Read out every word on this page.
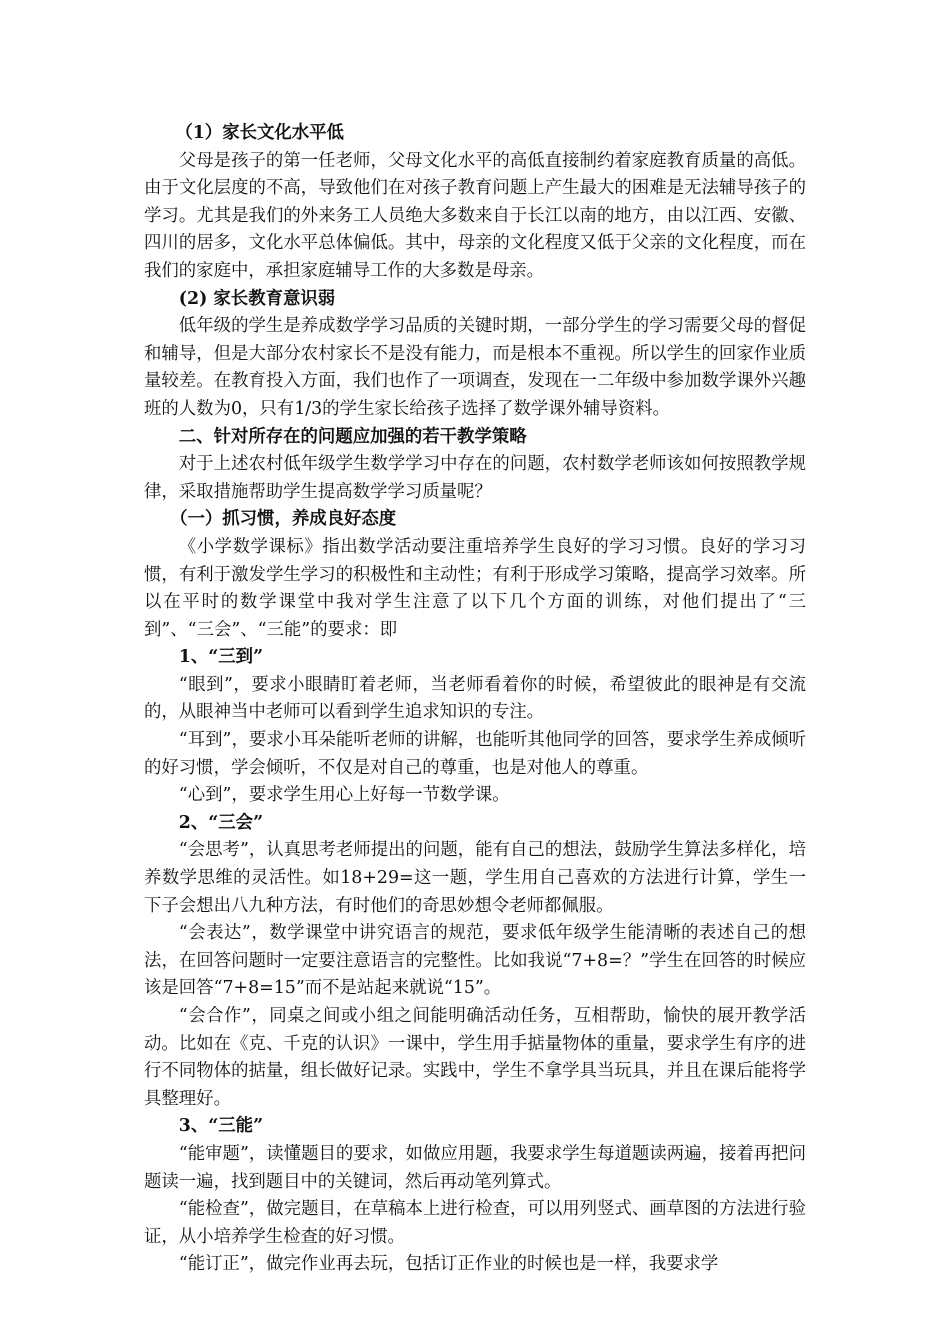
（1）家长文化水平低

父母是孩子的第一任老师，父母文化水平的高低直接制约着家庭教育质量的高低。由于文化层度的不高，导致他们在对孩子教育问题上产生最大的困难是无法辅导孩子的学习。尤其是我们的外来务工人员绝大多数来自于长江以南的地方，由以江西、安徽、四川的居多，文化水平总体偏低。其中，母亲的文化程度又低于父亲的文化程度，而在我们的家庭中，承担家庭辅导工作的大多数是母亲。

(2) 家长教育意识弱

低年级的学生是养成数学学习品质的关键时期，一部分学生的学习需要父母的督促和辅导，但是大部分农村家长不是没有能力，而是根本不重视。所以学生的回家作业质量较差。在教育投入方面，我们也作了一项调查，发现在一二年级中参加数学课外兴趣班的人数为0，只有1/3的学生家长给孩子选择了数学课外辅导资料。

二、针对所存在的问题应加强的若干教学策略

对于上述农村低年级学生数学学习中存在的问题，农村数学老师该如何按照教学规律，采取措施帮助学生提高数学学习质量呢？

（一）抓习惯，养成良好态度

《小学数学课标》指出数学活动要注重培养学生良好的学习习惯。良好的学习习惯，有利于激发学生学习的积极性和主动性；有利于形成学习策略，提高学习效率。所以在平时的数学课堂中我对学生注意了以下几个方面的训练，对他们提出了“三到”、“三会”、“三能”的要求：即

1、“三到”

“眼到”，要求小眼睛盯着老师，当老师看着你的时候，希望彼此的眼神是有交流的，从眼神当中老师可以看到学生追求知识的专注。

“耳到”，要求小耳朵能听老师的讲解，也能听其他同学的回答，要求学生养成倾听的好习惯，学会倾听，不仅是对自己的尊重，也是对他人的尊重。

“心到”，要求学生用心上好每一节数学课。

2、“三会”

“会思考”，认真思考老师提出的问题，能有自己的想法，鼓励学生算法多样化，培养数学思维的灵活性。如18+29=这一题，学生用自己喜欢的方法进行计算，学生一下子会想出八九种方法，有时他们的奇思妙想令老师都佩服。

“会表达”，数学课堂中讲究语言的规范，要求低年级学生能清晰的表述自己的想法，在回答问题时一定要注意语言的完整性。比如我说“7+8=？”学生在回答的时候应该是回答“7+8=15”而不是站起来就说“15”。

“会合作”，同桌之间或小组之间能明确活动任务，互相帮助，愉快的展开教学活动。比如在《克、千克的认识》一课中，学生用手掂量物体的重量，要求学生有序的进行不同物体的掂量，组长做好记录。实践中，学生不拿学具当玩具，并且在课后能将学具整理好。

3、“三能”

“能审题”，读懂题目的要求，如做应用题，我要求学生每道题读两遍，接着再把问题读一遍，找到题目中的关键词，然后再动笔列算式。

“能检查”，做完题目，在草稿本上进行检查，可以用列竖式、画草图的方法进行验证，从小培养学生检查的好习惯。

“能订正”，做完作业再去玩，包括订正作业的时候也是一样，我要求学
